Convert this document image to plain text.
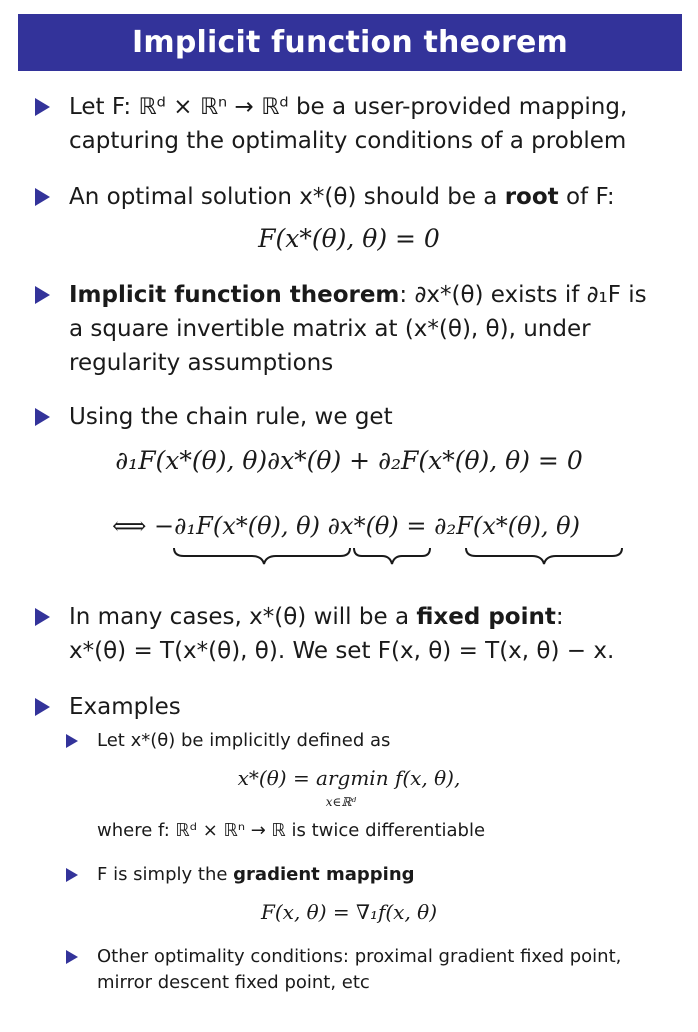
Implicit function theorem
Let F: ℝᵈ × ℝⁿ → ℝᵈ be a user-provided mapping,
capturing the optimality conditions of a problem
An optimal solution x*(θ) should be a root of F:
F(x*(θ), θ) = 0
Implicit function theorem: ∂x*(θ) exists if ∂₁F is
a square invertible matrix at (x*(θ), θ), under
regularity assumptions
Using the chain rule, we get
∂₁F(x*(θ), θ)∂x*(θ) + ∂₂F(x*(θ), θ) = 0
⟺ −∂₁F(x*(θ), θ) ∂x*(θ) = ∂₂F(x*(θ), θ)
In many cases, x*(θ) will be a fixed point:
x*(θ) = T(x*(θ), θ). We set F(x, θ) = T(x, θ) − x.
Examples
Let x*(θ) be implicitly defined as
x*(θ) = argmin f(x, θ),
x∈ℝᵈ
where f: ℝᵈ × ℝⁿ → ℝ is twice differentiable
F is simply the gradient mapping
F(x, θ) = ∇₁f(x, θ)
Other optimality conditions: proximal gradient fixed point,
mirror descent fixed point, etc
